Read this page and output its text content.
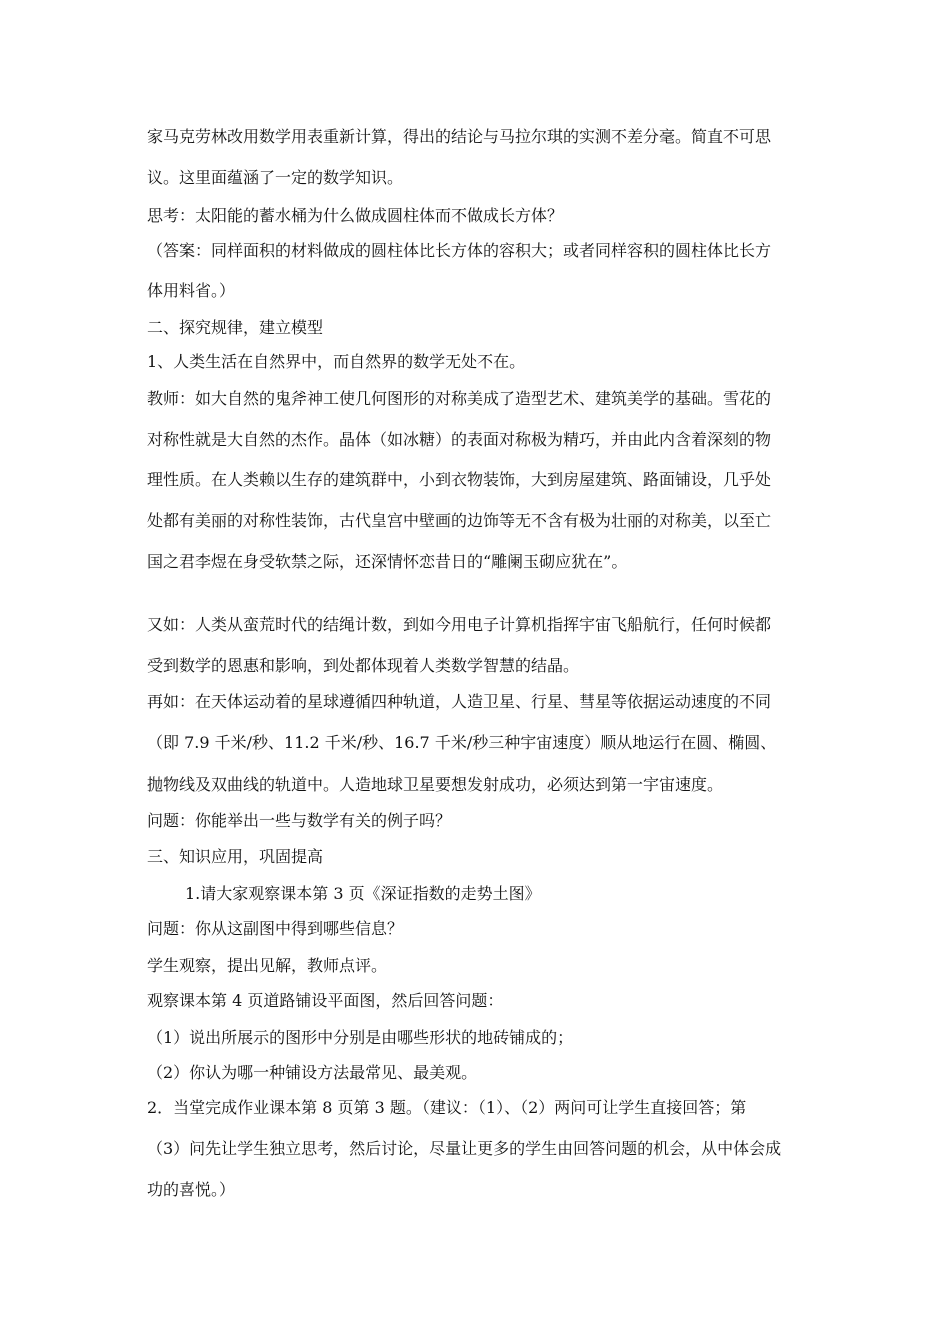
家马克劳林改用数学用表重新计算，得出的结论与马拉尔琪的实测不差分毫。简直不可思
议。这里面蕴涵了一定的数学知识。
思考：太阳能的蓄水桶为什么做成圆柱体而不做成长方体？
（答案：同样面积的材料做成的圆柱体比长方体的容积大；或者同样容积的圆柱体比长方
体用料省。）
二、探究规律，建立模型
1、人类生活在自然界中，而自然界的数学无处不在。
教师：如大自然的鬼斧神工使几何图形的对称美成了造型艺术、建筑美学的基础。雪花的
对称性就是大自然的杰作。晶体（如冰糖）的表面对称极为精巧，并由此内含着深刻的物
理性质。在人类赖以生存的建筑群中，小到衣物装饰，大到房屋建筑、路面铺设，几乎处
处都有美丽的对称性装饰，古代皇宫中壁画的边饰等无不含有极为壮丽的对称美，以至亡
国之君李煜在身受软禁之际，还深情怀恋昔日的“雕阑玉砌应犹在”。
又如：人类从蛮荒时代的结绳计数，到如今用电子计算机指挥宇宙飞船航行，任何时候都
受到数学的恩惠和影响，到处都体现着人类数学智慧的结晶。
再如：在天体运动着的星球遵循四种轨道，人造卫星、行星、彗星等依据运动速度的不同
（即 7.9 千米/秒、11.2 千米/秒、16.7 千米/秒三种宇宙速度）顺从地运行在圆、椭圆、
抛物线及双曲线的轨道中。人造地球卫星要想发射成功，必须达到第一宇宙速度。
问题：你能举出一些与数学有关的例子吗？
三、知识应用，巩固提高
1.请大家观察课本第 3 页《深证指数的走势土图》
问题：你从这副图中得到哪些信息？
学生观察，提出见解，教师点评。
观察课本第 4 页道路铺设平面图，然后回答问题：
（1）说出所展示的图形中分别是由哪些形状的地砖铺成的；
（2）你认为哪一种铺设方法最常见、最美观。
2．当堂完成作业课本第 8 页第 3 题。（建议：（1）、（2）两问可让学生直接回答；第
（3）问先让学生独立思考，然后讨论，尽量让更多的学生由回答问题的机会，从中体会成
功的喜悦。）
